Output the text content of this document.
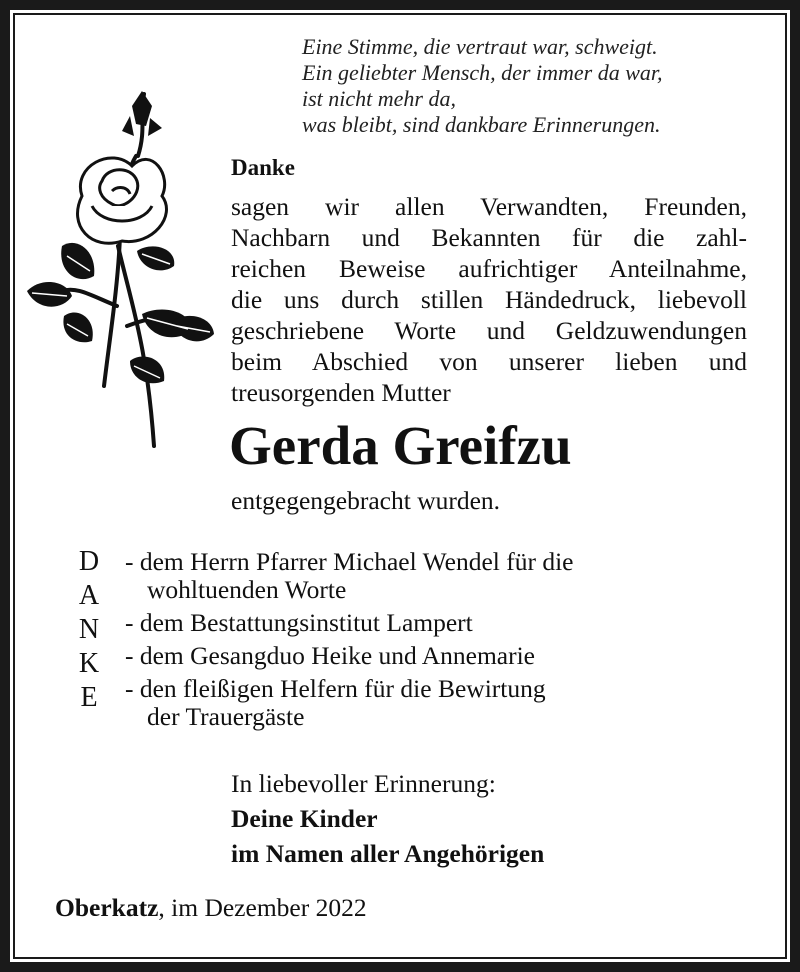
Eine Stimme, die vertraut war, schweigt.
Ein geliebter Mensch, der immer da war,
ist nicht mehr da,
was bleibt, sind dankbare Erinnerungen.
Danke
sagen wir allen Verwandten, Freunden,
Nachbarn und Bekannten für die zahl-
reichen Beweise aufrichtiger Anteilnahme,
die uns durch stillen Händedruck, liebevoll
geschriebene Worte und Geldzuwendungen
beim Abschied von unserer lieben und
treusorgenden Mutter
Gerda Greifzu
entgegengebracht wurden.
D
A
N
K
E
- dem Herrn Pfarrer Michael Wendel für die
wohltuenden Worte
- dem Bestattungsinstitut Lampert
- dem Gesangduo Heike und Annemarie
- den fleißigen Helfern für die Bewirtung
der Trauergäste
In liebevoller Erinnerung:
Deine Kinder
im Namen aller Angehörigen
Oberkatz, im Dezember 2022
